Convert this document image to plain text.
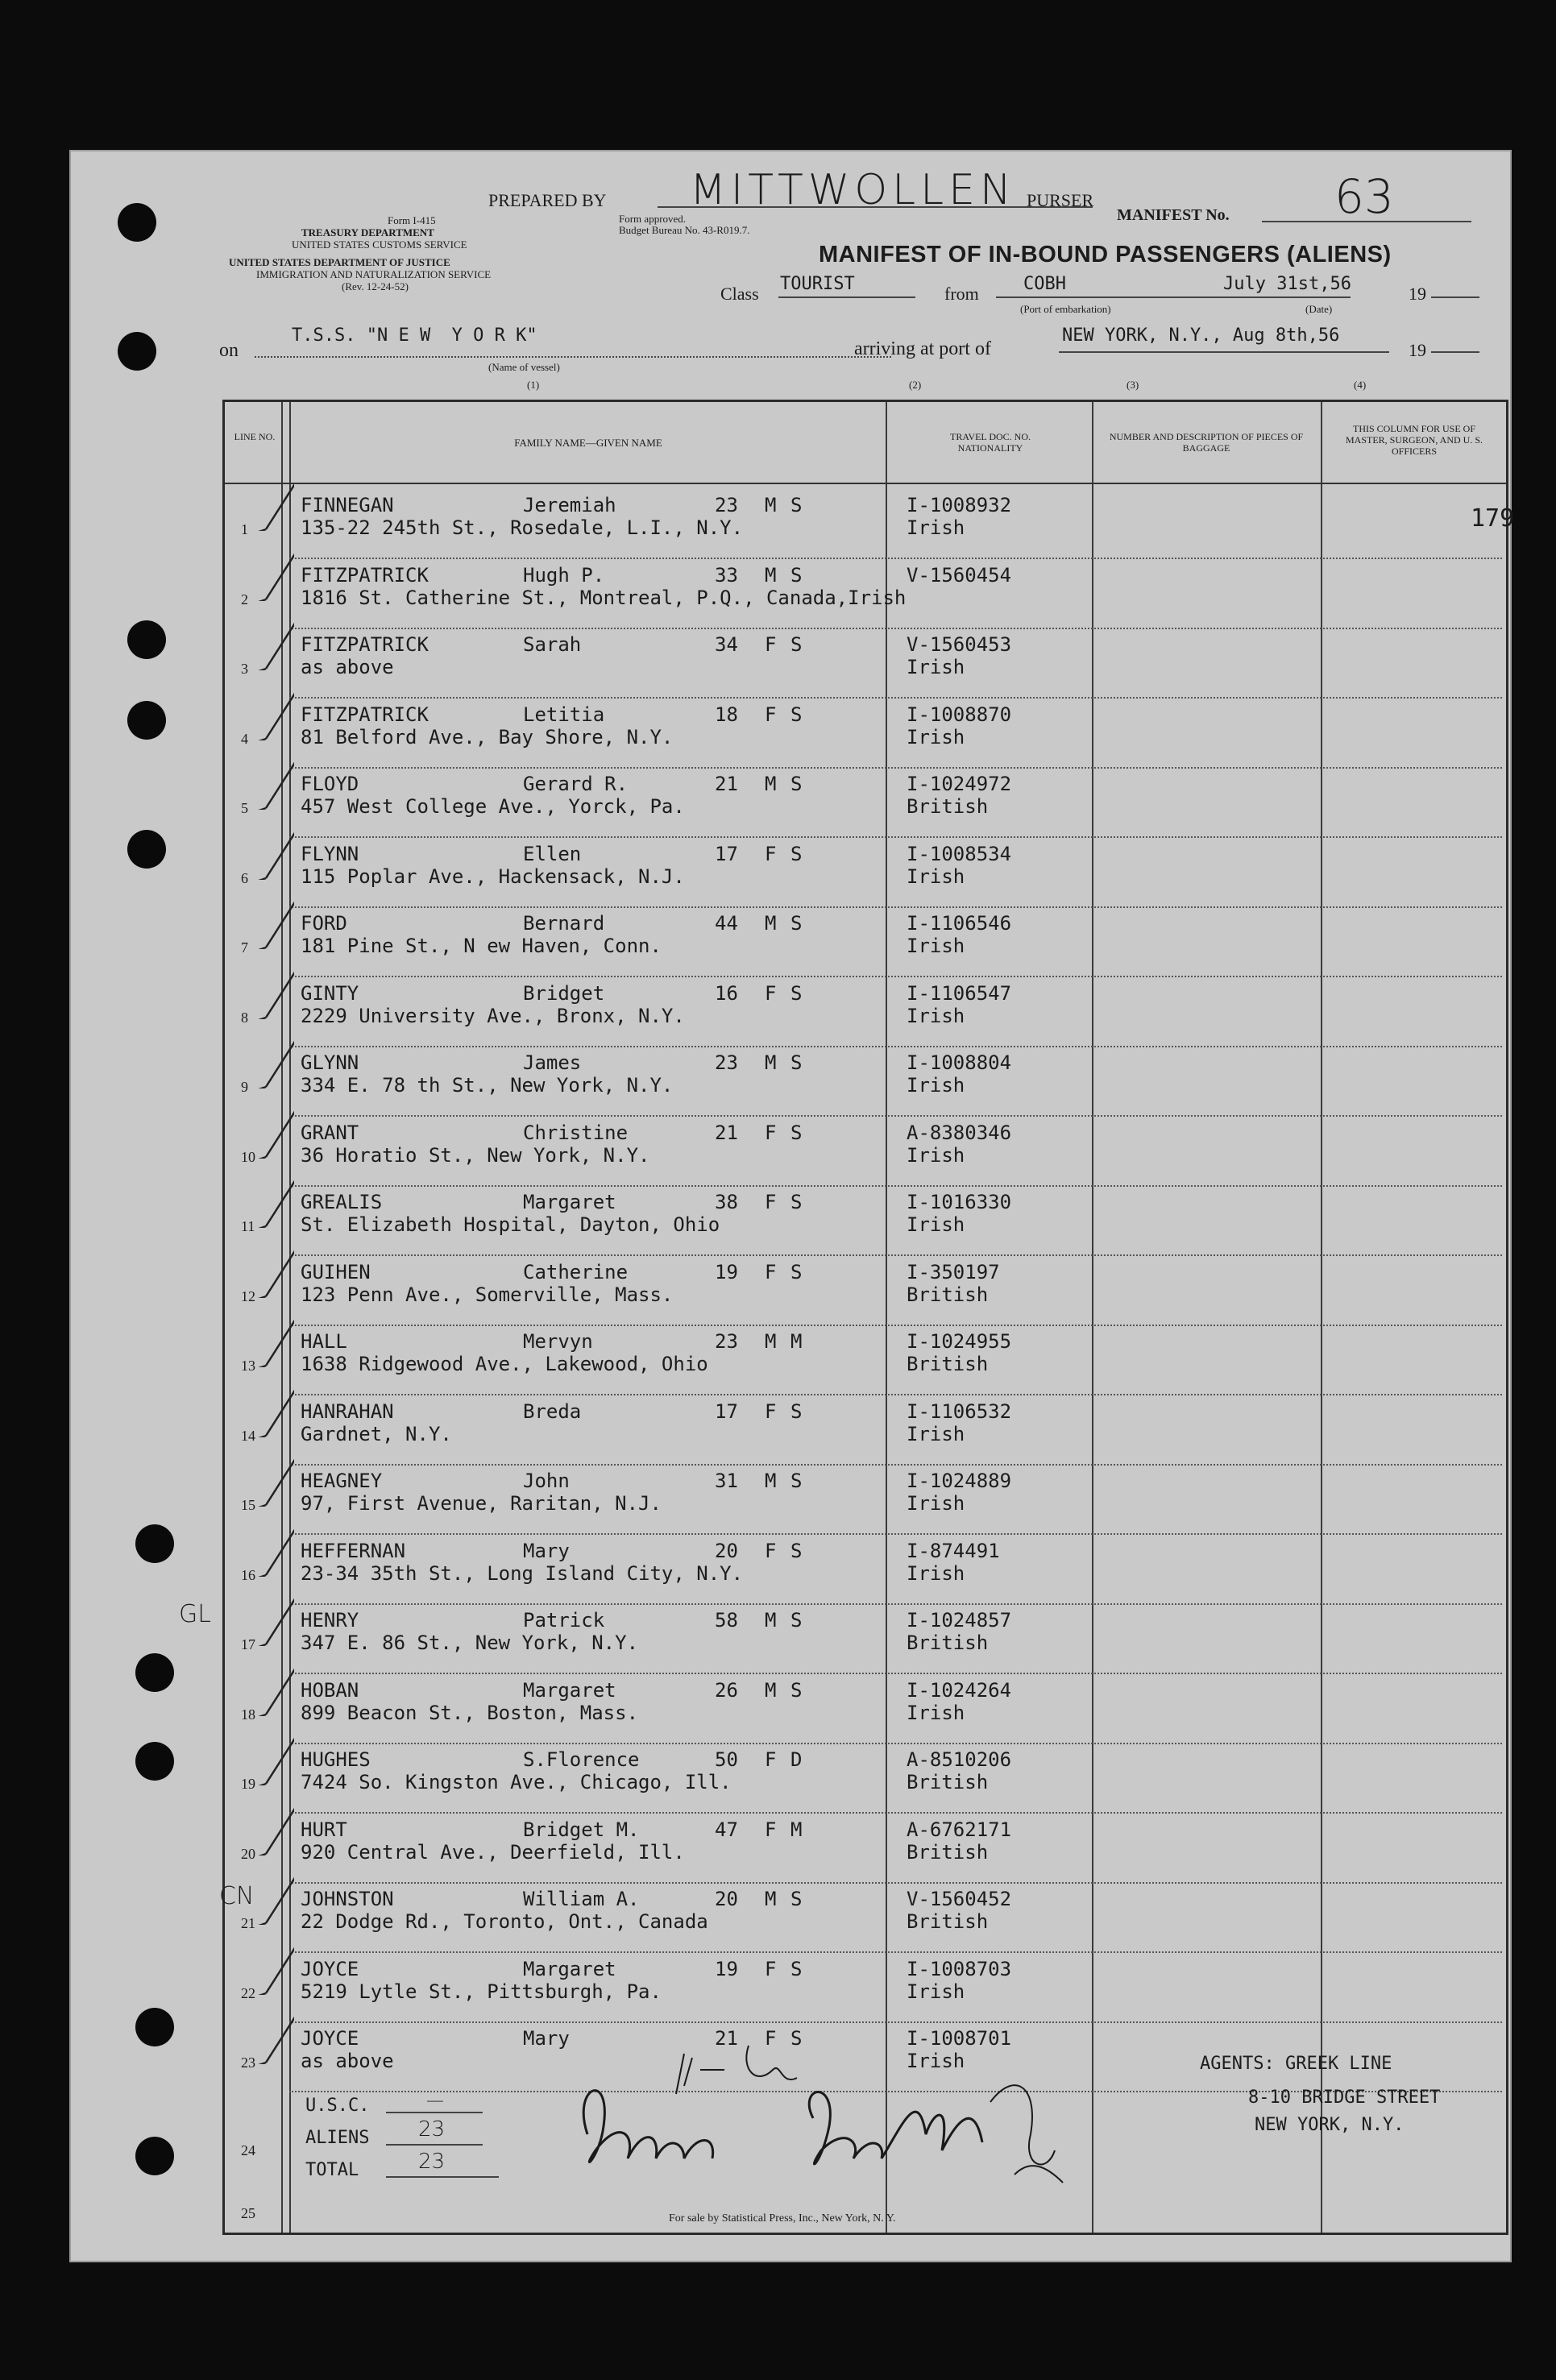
Form I-415
TREASURY DEPARTMENT
UNITED STATES CUSTOMS SERVICE
UNITED STATES DEPARTMENT OF JUSTICE
IMMIGRATION AND NATURALIZATION SERVICE
(Rev. 12-24-52)
PREPARED BY MITTWOLLEN PURSER
Form approved.
Budget Bureau No. 43-R019.7.
MANIFEST No. 63
MANIFEST OF IN-BOUND PASSENGERS (ALIENS)
Class TOURIST	from	COBH
(Port of embarkation)
July 31st,56	19
(Date)
on
T.S.S. "N E W  Y O R K"
(Name of vessel)
(1)
arriving at port of
NEW YORK, N.Y., Aug 8th,56
19
(2)	(3)	(4)
LINE NO.	FAMILY NAME—GIVEN NAME	TRAVEL DOC. NO. NATIONALITY
NUMBER AND DESCRIPTION OF PIECES OF BAGGAGE
THIS COLUMN FOR USE OF MASTER, SURGEON, AND U. S. OFFICERS
1
FINNEGAN	Jeremiah	23 M S
135-22 245th St., Rosedale, L.I., N.Y.
I-1008932
Irish	179
2
FITZPATRICK	Hugh P.	33 M S
1816 St. Catherine St., Montreal, P.Q., Canada,Irish
V-1560454
3
FITZPATRICK	Sarah	34 F S
as above
V-1560453
Irish
4
FITZPATRICK	Letitia	18 F S
81 Belford Ave., Bay Shore, N.Y.
I-1008870
Irish
5
FLOYD	Gerard R.	21 M S
457 West College Ave., Yorck, Pa.
I-1024972
British
6
FLYNN	Ellen	17 F S
115 Poplar Ave., Hackensack, N.J.
I-1008534
Irish
7
FORD	Bernard	44 M S
181 Pine St., N ew Haven, Conn.
I-1106546
Irish
8
GINTY	Bridget	16 F S
2229 University Ave., Bronx, N.Y.
I-1106547
Irish
9
GLYNN	James	23 M S
334 E. 78 th St., New York, N.Y.
I-1008804
Irish
10
GRANT	Christine	21 F S
36 Horatio St., New York, N.Y.
A-8380346
Irish
11
GREALIS	Margaret	38 F S
St. Elizabeth Hospital, Dayton, Ohio
I-1016330
Irish
12
GUIHEN	Catherine	19 F S
123 Penn Ave., Somerville, Mass.
I-350197
British
13
HALL	Mervyn	23 M M
1638 Ridgewood Ave., Lakewood, Ohio
I-1024955
British
14
HANRAHAN	Breda	17 F S
Gardnet, N.Y.
I-1106532
Irish
15
HEAGNEY	John	31 M S
97, First Avenue, Raritan, N.J.
I-1024889
Irish
16
HEFFERNAN	Mary	20 F S
23-34 35th St., Long Island City, N.Y.
I-874491
Irish
17
HENRY	Patrick	58 M S
347 E. 86 St., New York, N.Y.
I-1024857
British
18
HOBAN	Margaret	26 M S
899 Beacon St., Boston, Mass.
I-1024264
Irish
19
HUGHES	S.Florence	50 F D
7424 So. Kingston Ave., Chicago, Ill.
A-8510206
British
20
HURT	Bridget M.	47 F M
920 Central Ave., Deerfield, Ill.
A-6762171
British
21
JOHNSTON	William A.	20 M S
22 Dodge Rd., Toronto, Ont., Canada
V-1560452
British
22
JOYCE	Margaret	19 F S
5219 Lytle St., Pittsburgh, Pa.
I-1008703
Irish
23
JOYCE	Mary	21 F S
as above
I-1008701
Irish
24
25
U.S.C.	—
ALIENS 23
TOTAL	23
AGENTS: GREEK LINE
8-10 BRIDGE STREET
NEW YORK, N.Y.
GL
CN
For sale by Statistical Press, Inc., New York, N. Y.
